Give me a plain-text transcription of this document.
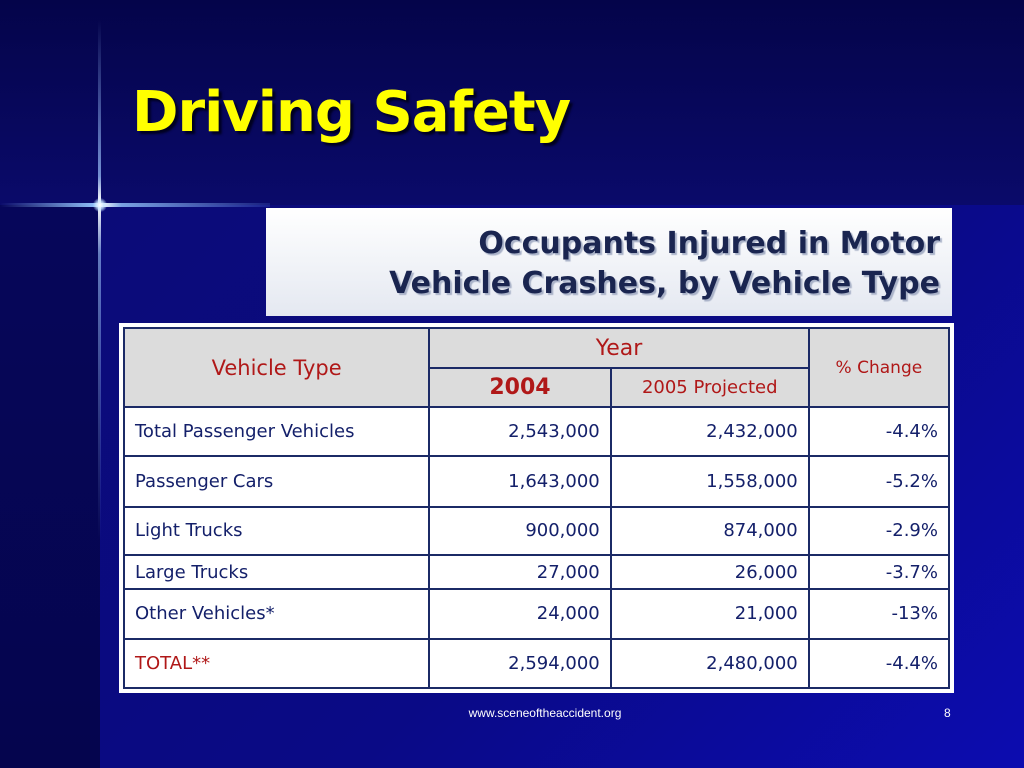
Driving Safety
Occupants Injured in Motor
Vehicle Crashes, by Vehicle Type
Vehicle Type	Year		% Change
	2004	2005 Projected	
Total Passenger Vehicles	2,543,000	2,432,000	-4.4%
Passenger Cars	1,643,000	1,558,000	-5.2%
Light Trucks	900,000	874,000	-2.9%
Large Trucks	27,000	26,000	-3.7%
Other Vehicles*	24,000	21,000	-13%
TOTAL**	2,594,000	2,480,000	-4.4%
www.sceneoftheaccident.org	8
